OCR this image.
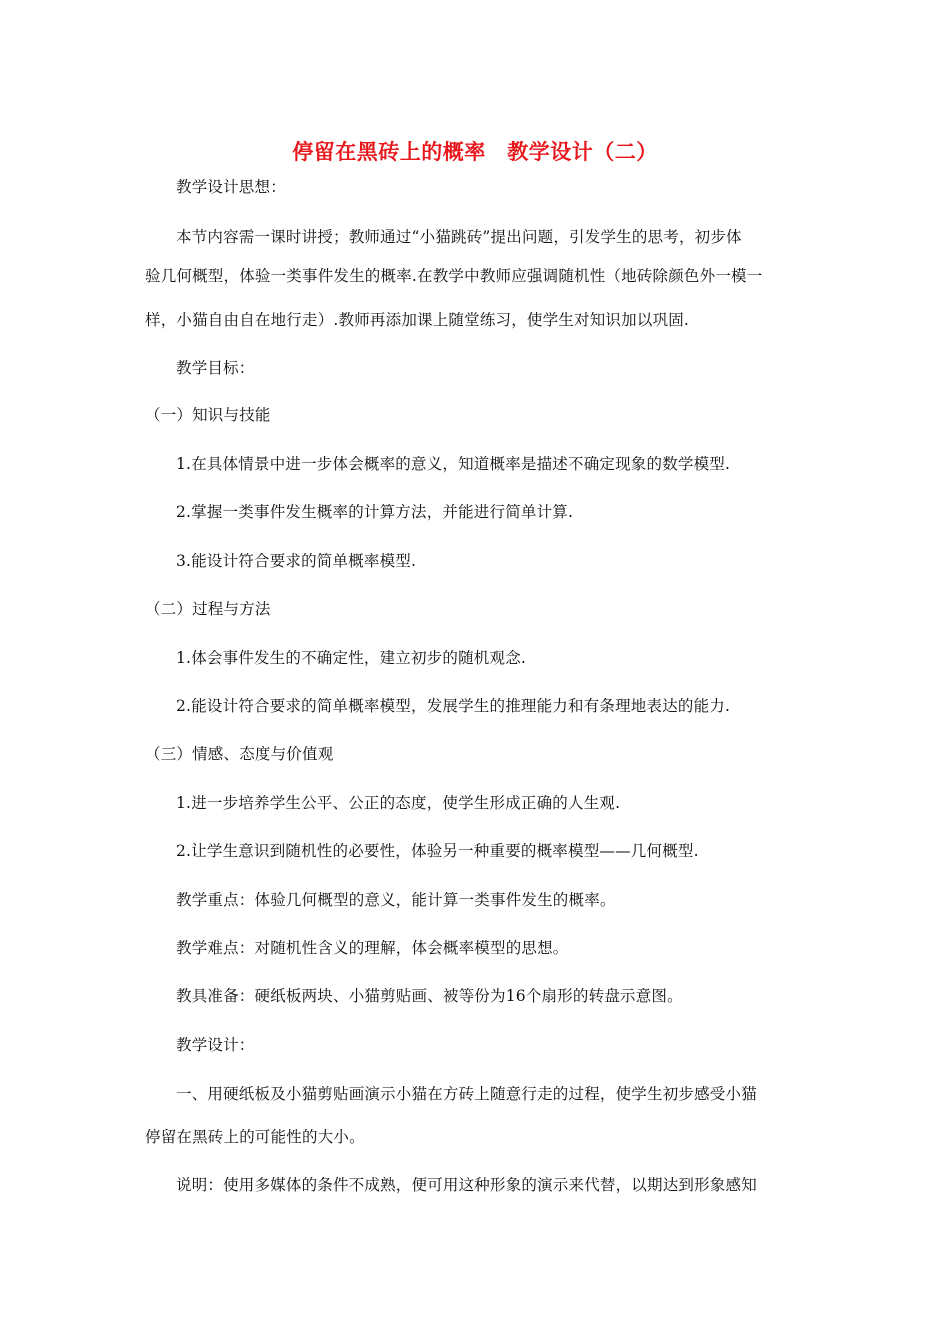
停留在黑砖上的概率　教学设计（二）
教学设计思想：
本节内容需一课时讲授；教师通过“小猫跳砖”提出问题，引发学生的思考，初步体
验几何概型，体验一类事件发生的概率.在教学中教师应强调随机性（地砖除颜色外一模一
样，小猫自由自在地行走）.教师再添加课上随堂练习，使学生对知识加以巩固.
教学目标：
（一）知识与技能
1.在具体情景中进一步体会概率的意义，知道概率是描述不确定现象的数学模型.
2.掌握一类事件发生概率的计算方法，并能进行简单计算.
3.能设计符合要求的简单概率模型.
（二）过程与方法
1.体会事件发生的不确定性，建立初步的随机观念.
2.能设计符合要求的简单概率模型，发展学生的推理能力和有条理地表达的能力.
（三）情感、态度与价值观
1.进一步培养学生公平、公正的态度，使学生形成正确的人生观.
2.让学生意识到随机性的必要性，体验另一种重要的概率模型——几何概型.
教学重点：体验几何概型的意义，能计算一类事件发生的概率。
教学难点：对随机性含义的理解，体会概率模型的思想。
教具准备：硬纸板两块、小猫剪贴画、被等份为16个扇形的转盘示意图。
教学设计：
一、用硬纸板及小猫剪贴画演示小猫在方砖上随意行走的过程，使学生初步感受小猫
停留在黑砖上的可能性的大小。
说明：使用多媒体的条件不成熟，便可用这种形象的演示来代替，以期达到形象感知
